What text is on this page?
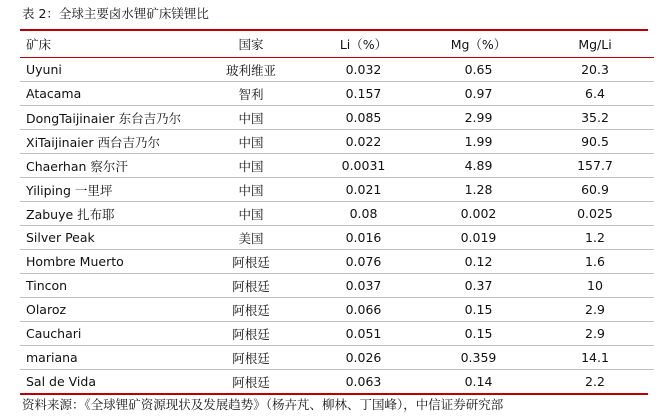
表 2：全球主要卤水锂矿床镁锂比
矿床	国家	Li（%）	Mg（%）	Mg/Li
Uyuni	玻利维亚	0.032	0.65	20.3
Atacama	智利	0.157	0.97	6.4
DongTaijinaier 东台吉乃尔	中国	0.085	2.99	35.2
XiTaijinaier 西台吉乃尔	中国	0.022	1.99	90.5
Chaerhan 察尔汗	中国	0.0031	4.89	157.7
Yiliping 一里坪	中国	0.021	1.28	60.9
Zabuye 扎布耶	中国	0.08	0.002	0.025
Silver Peak	美国	0.016	0.019	1.2
Hombre Muerto	阿根廷	0.076	0.12	1.6
Tincon	阿根廷	0.037	0.37	10
Olaroz	阿根廷	0.066	0.15	2.9
Cauchari	阿根廷	0.051	0.15	2.9
mariana	阿根廷	0.026	0.359	14.1
Sal de Vida	阿根廷	0.063	0.14	2.2
资料来源：《全球锂矿资源现状及发展趋势》（杨卉芃、柳林、丁国峰），中信证券研究部
